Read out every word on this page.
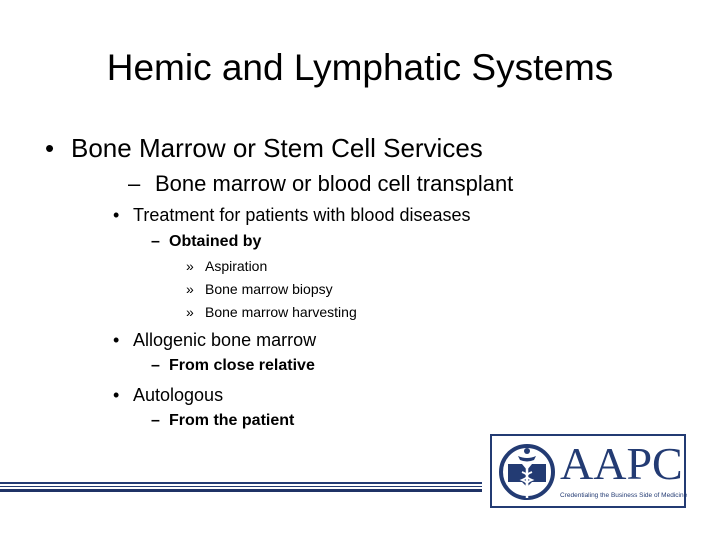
Hemic and Lymphatic Systems
• Bone Marrow or Stem Cell Services
– Bone marrow or blood cell transplant
• Treatment for patients with blood diseases
– Obtained by
» Aspiration
» Bone marrow biopsy
» Bone marrow harvesting
• Allogenic bone marrow
– From close relative
• Autologous
– From the patient
AAPC
Credentialing the Business Side of Medicine
